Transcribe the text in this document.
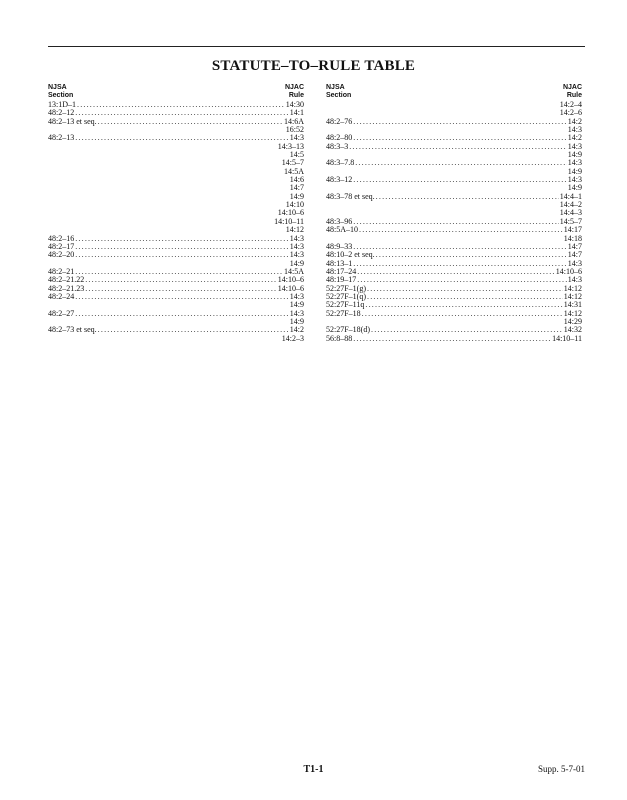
STATUTE–TO–RULE TABLE
NJSA
Section
NJAC
Rule
13:1D–1 .....	14:30
48:2–12 .....	14:1
48:2–13 et seq. .....	14:6A
16:52
48:2–13 .....	14:3
14:3–13
14:5
14:5–7
14:5A
14:6
14:7
14:9
14:10
14:10–6
14:10–11
14:12
48:2–16 .....	14:3
48:2–17 .....	14:3
48:2–20 .....	14:3
14:9
48:2–21 .....	14:5A
48:2–21.22 .....	14:10–6
48:2–21.23 .....	14:10–6
48:2–24 .....	14:3
14:9
48:2–27 .....	14:3
14:9
48:2–73 et seq. .....	14:2
14:2–3
NJSA
Section
NJAC
Rule
14:2–4
14:2–6
48:2–76 .....	14:2
14:3
48:2–80 .....	14:2
48:3–3 .....	14:3
14:9
48:3–7.8 .....	14:3
14:9
48:3–12 .....	14:3
14:9
48:3–78 et seq. .....	14:4–1
14:4–2
14:4–3
48:3–96 .....	14:5–7
48:5A–10 .....	14:17
14:18
48:9–33 .....	14:7
48:10–2 et seq. .....	14:7
48:13–1 .....	14:3
48:17–24 .....	14:10–6
48:19–17 .....	14:3
52:27F–1(g) .....	14:12
52:27F–1(q) .....	14:12
52:27F–11q .....	14:31
52:27F–18 .....	14:12
14:29
52:27F–18(d) .....	14:32
56:8–88 .....	14:10–11
T1-1	Supp. 5-7-01
